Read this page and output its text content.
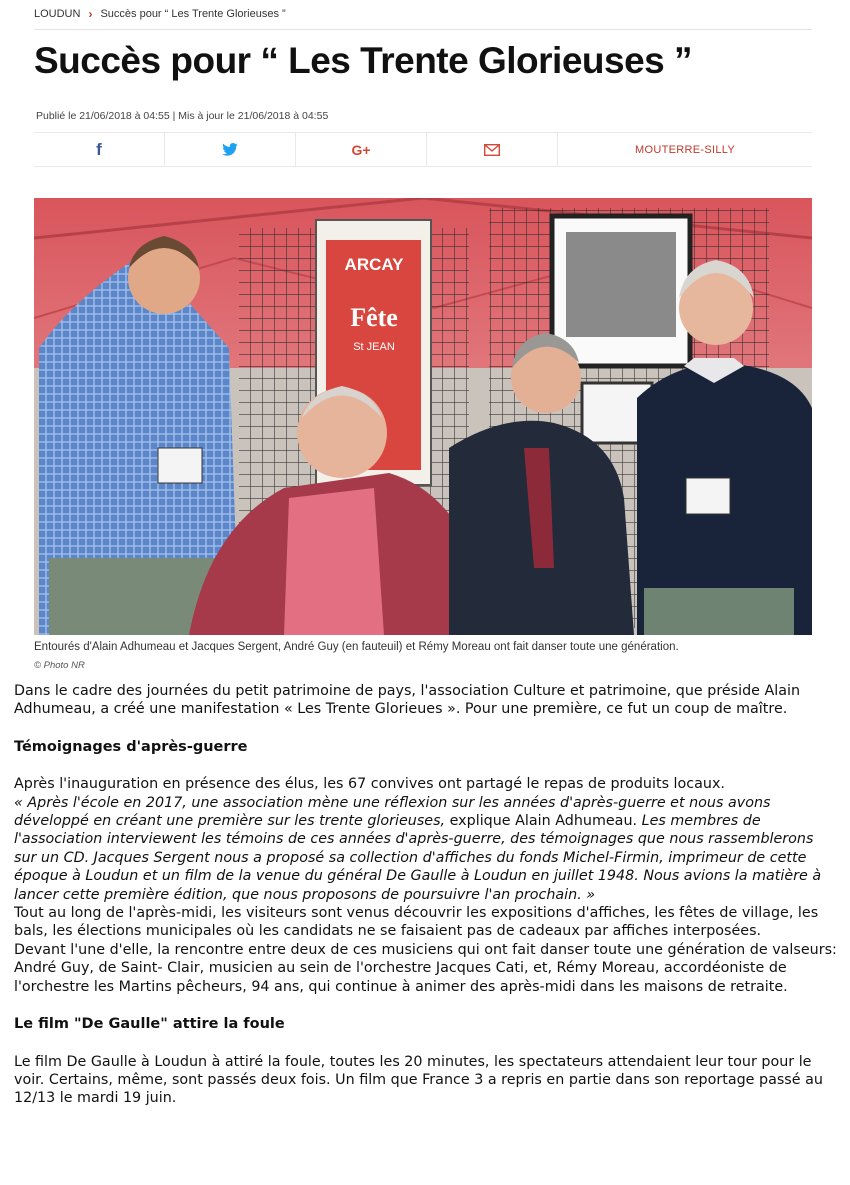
LOUDUN › Succès pour “ Les Trente Glorieuses ”
Succès pour “ Les Trente Glorieuses ”
Publié le 21/06/2018 à 04:55 | Mis à jour le 21/06/2018 à 04:55
f	G+	MOUTERRE-SILLY
ARCAY
Fête
St JEAN
Entourés d'Alain Adhumeau et Jacques Sergent, André Guy (en fauteuil) et Rémy Moreau ont fait danser toute une génération.
© Photo NR

Dans le cadre des journées du petit patrimoine de pays, l'association Culture et patrimoine, que préside Alain Adhumeau, a créé une manifestation « Les Trente Glorieues ». Pour une première, ce fut un coup de maître.

Témoignages d'après-guerre

Après l'inauguration en présence des élus, les 67 convives ont partagé le repas de produits locaux.

« Après l'école en 2017, une association mène une réflexion sur les années d'après-guerre et nous avons développé en créant une première sur les trente glorieuses, explique Alain Adhumeau. Les membres de l'association interviewent les témoins de ces années d'après-guerre, des témoignages que nous rassemblerons sur un CD. Jacques Sergent nous a proposé sa collection d'affiches du fonds Michel-Firmin, imprimeur de cette époque à Loudun et un film de la venue du général De Gaulle à Loudun en juillet 1948. Nous avions la matière à lancer cette première édition, que nous proposons de poursuivre l'an prochain. »

Tout au long de l'après-midi, les visiteurs sont venus découvrir les expositions d'affiches, les fêtes de village, les bals, les élections municipales où les candidats ne se faisaient pas de cadeaux par affiches interposées.

Devant l'une d'elle, la rencontre entre deux de ces musiciens qui ont fait danser toute une génération de valseurs: André Guy, de Saint- Clair, musicien au sein de l'orchestre Jacques Cati, et, Rémy Moreau, accordéoniste de l'orchestre les Martins pêcheurs, 94 ans, qui continue à animer des après-midi dans les maisons de retraite.

Le film "De Gaulle" attire la foule

Le film De Gaulle à Loudun à attiré la foule, toutes les 20 minutes, les spectateurs attendaient leur tour pour le voir. Certains, même, sont passés deux fois. Un film que France 3 a repris en partie dans son reportage passé au 12/13 le mardi 19 juin.
